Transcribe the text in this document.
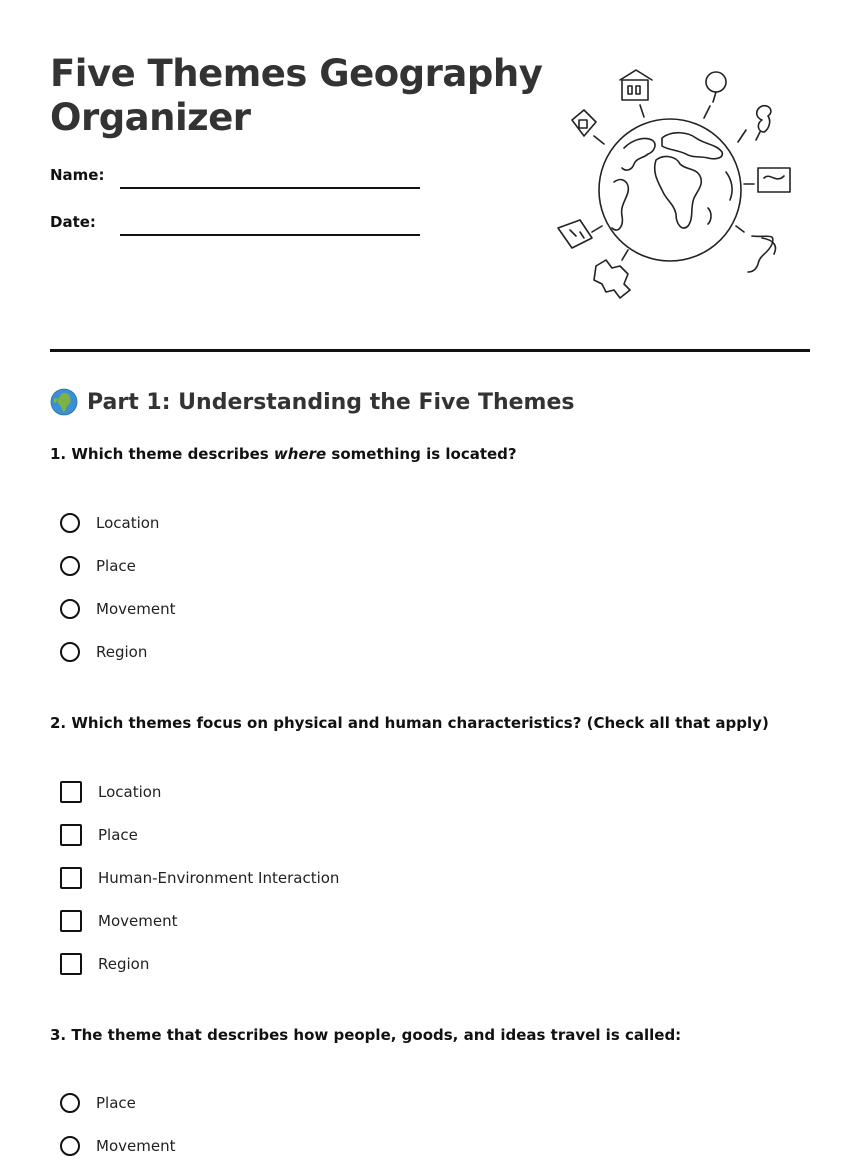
Five Themes Geography
Organizer
Name:
Date:
Part 1: Understanding the Five Themes

1. Which theme describes where something is located?

Location
Place
Movement
Region

2. Which themes focus on physical and human characteristics? (Check all that apply)

Location
Place
Human-Environment Interaction
Movement
Region

3. The theme that describes how people, goods, and ideas travel is called:

Place
Movement
